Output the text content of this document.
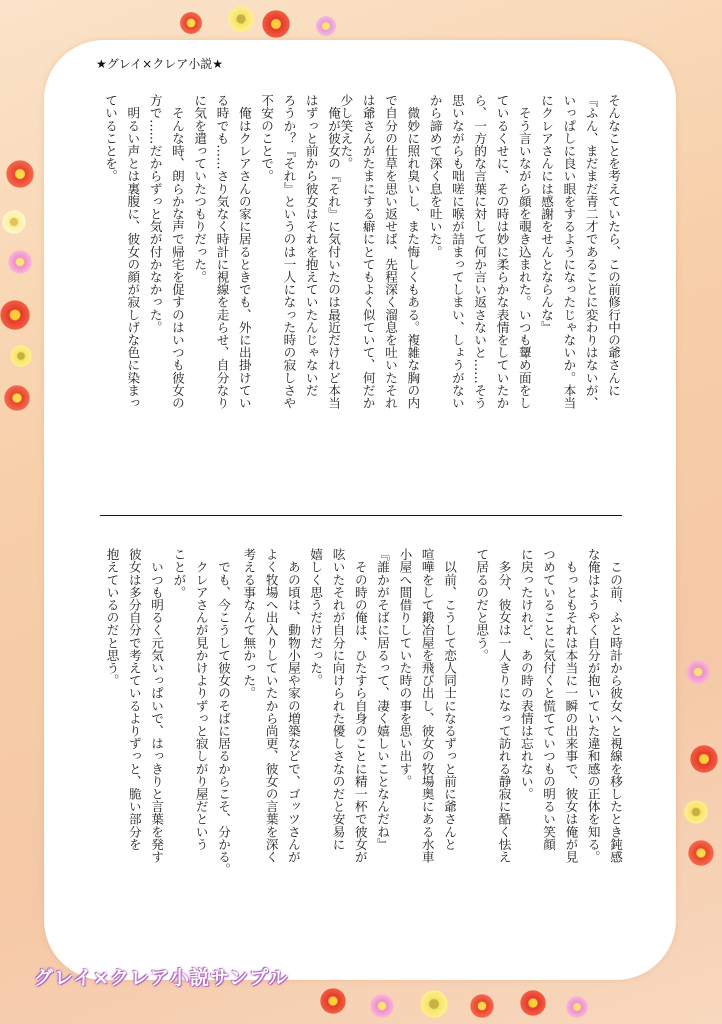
★グレイ×クレア小説★

そんなことを考えていたら、この前修行中の爺さんに

『ふん、まだまだ青二才であることに変わりはないが、

いっぱしに良い眼をするようになったじゃないか。本当

にクレアさんには感謝をせんとならんな』

　そう言いながら顔を覗き込まれた。いつも顰め面をし

ているくせに、その時は妙に柔らかな表情をしていたか

ら、一方的な言葉に対して何か言い返さないと……そう

思いながらも咄嗟に喉が詰まってしまい、しょうがない

から諦めて深く息を吐いた。

　微妙に照れ臭いし、また悔しくもある。複雑な胸の内

で自分の仕草を思い返せば、先程深く溜息を吐いたそれ

は爺さんがたまにする癖にとてもよく似ていて、何だか

少し笑えた。

　俺が彼女の『それ』に気付いたのは最近だけれど本当

はずっと前から彼女はそれを抱えていたんじゃないだ

ろうか？『それ』というのは一人になった時の寂しさや

不安のことで。

　俺はクレアさんの家に居るときでも、外に出掛けてい

る時でも……さり気なく時計に視線を走らせ、自分なり

に気を遣っていたつもりだった。

　そんな時、朗らかな声で帰宅を促すのはいつも彼女の

方で……だからずっと気が付かなかった。

　明るい声とは裏腹に、彼女の顔が寂しげな色に染まっ

ていることを。

　この前、ふと時計から彼女へと視線を移したとき鈍感

な俺はようやく自分が抱いていた違和感の正体を知る。

　もっともそれは本当に一瞬の出来事で、彼女は俺が見

つめていることに気付くと慌てていつもの明るい笑顔

に戻ったけれど、あの時の表情は忘れない。

　多分、彼女は一人きりになって訪れる静寂に酷く怯え

て居るのだと思う。

　以前、こうして恋人同士になるずっと前に爺さんと

喧嘩をして鍛冶屋を飛び出し、彼女の牧場奥にある水車

小屋へ間借りしていた時の事を思い出す。

『誰かがそばに居るって、凄く嬉しいことなんだね』

　その時の俺は、ひたすら自身のことに精一杯で彼女が

呟いたそれが自分に向けられた優しさなのだと安易に

嬉しく思うだけだった。

　あの頃は、動物小屋や家の増築などで、ゴッツさんが

よく牧場へ出入りしていたから尚更、彼女の言葉を深く

考える事なんて無かった。

　でも、今こうして彼女のそばに居るからこそ、分かる。

　クレアさんが見かけよりずっと寂しがり屋だという

ことが。

　いつも明るく元気いっぱいで、はっきりと言葉を発す

彼女は多分自分で考えているよりずっと、脆い部分を

抱えているのだと思う。

グレイ×クレア小説サンプル
